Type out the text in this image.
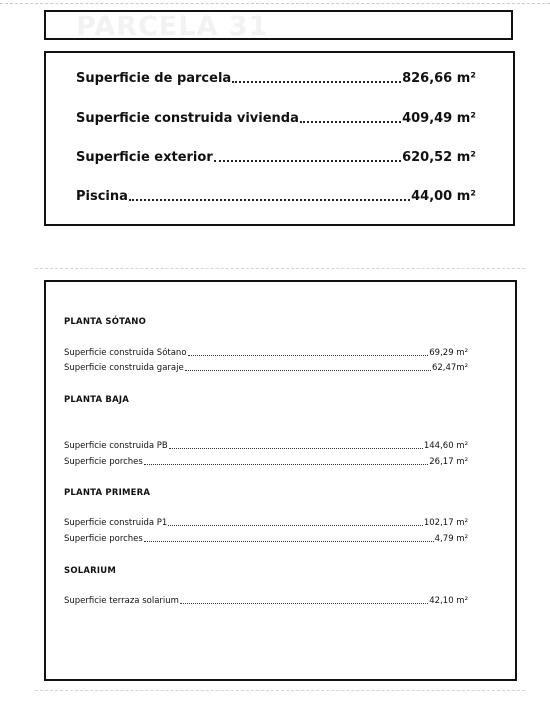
PARCELA 31
Superficie de parcela	826,66 m²
Superficie construida vivienda	409,49 m²
Superficie exterior	620,52 m²
Piscina	44,00 m²
PLANTA SÓTANO
Superficie construida Sótano	69,29 m²
Superficie construida garaje	62,47m²
PLANTA BAJA
Superficie construida PB	144,60 m²
Superficie porches	26,17 m²
PLANTA PRIMERA
Superficie construida P1	102,17 m²
Superficie porches	4,79 m²
SOLARIUM
Superficie terraza solarium	42,10 m²
